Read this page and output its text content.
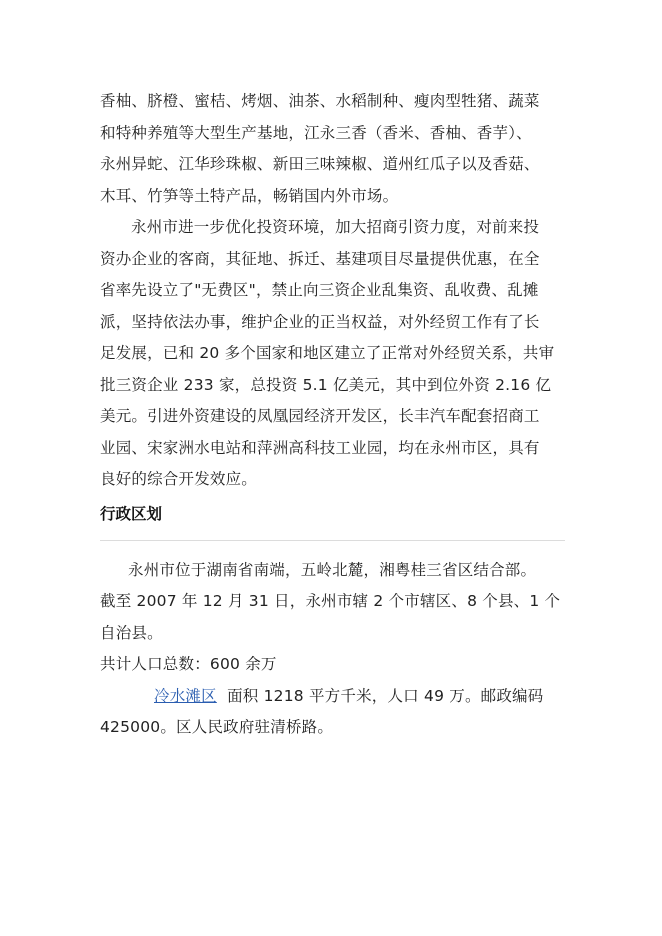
香柚、脐橙、蜜桔、烤烟、油茶、水稻制种、瘦肉型牲猪、蔬菜

和特种养殖等大型生产基地，江永三香（香米、香柚、香芋）、

永州异蛇、江华珍珠椒、新田三味辣椒、道州红瓜子以及香菇、

木耳、竹笋等土特产品，畅销国内外市场。

永州市进一步优化投资环境，加大招商引资力度，对前来投

资办企业的客商，其征地、拆迁、基建项目尽量提供优惠，在全

省率先设立了"无费区"，禁止向三资企业乱集资、乱收费、乱摊

派，坚持依法办事，维护企业的正当权益，对外经贸工作有了长

足发展，已和 20 多个国家和地区建立了正常对外经贸关系，共审

批三资企业 233 家，总投资 5.1 亿美元，其中到位外资 2.16 亿

美元。引进外资建设的凤凰园经济开发区，长丰汽车配套招商工

业园、宋家洲水电站和萍洲高科技工业园，均在永州市区，具有

良好的综合开发效应。

行政区划

永州市位于湖南省南端，五岭北麓，湘粤桂三省区结合部。

截至 2007 年 12 月 31 日，永州市辖 2 个市辖区、8 个县、1 个

自治县。

共计人口总数：600 余万

冷水滩区 面积 1218 平方千米，人口 49 万。邮政编码

425000。区人民政府驻清桥路。
